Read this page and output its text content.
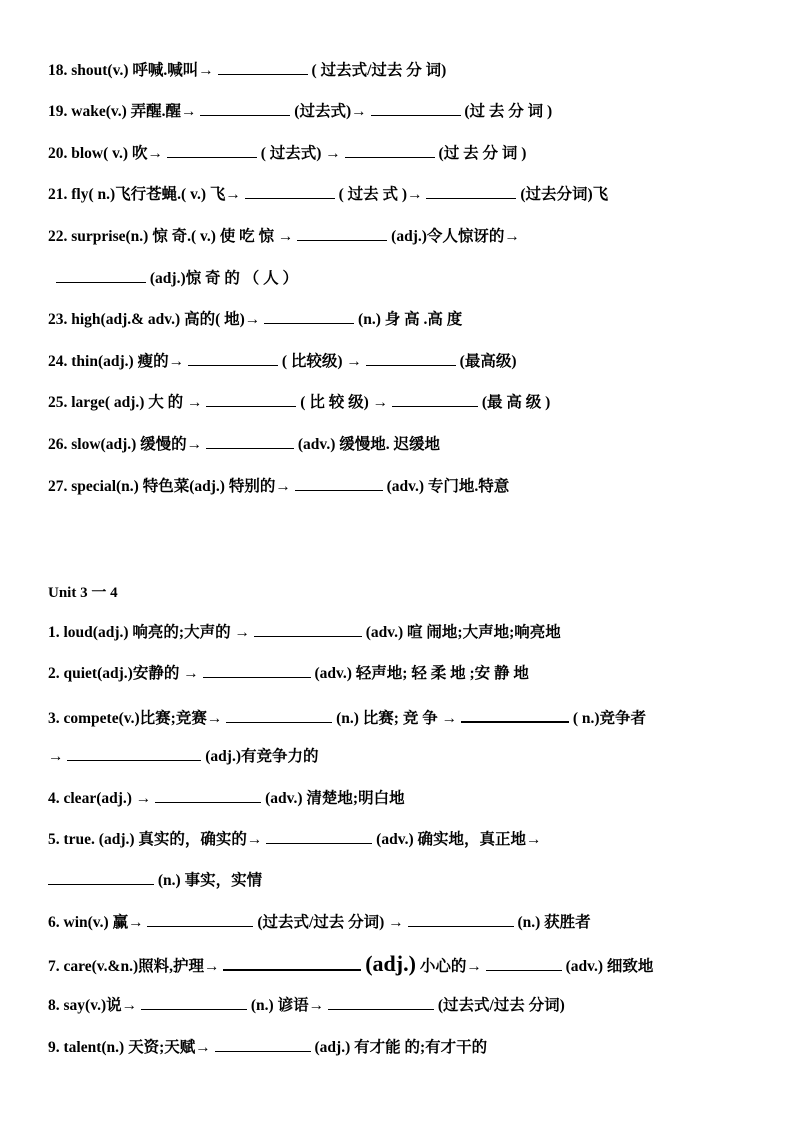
18. shout(v.) 呼喊.喊叫→	( 过去式/过去 分 词)
19. wake(v.) 弄醒.醒→	(过去式)→	(过 去 分 词 )
20. blow( v.) 吹→	( 过去式) →	(过 去 分 词 )
21. fly( n.)飞行苍蝇.( v.) 飞→	( 过去 式 )→	(过去分词)飞
22. surprise(n.) 惊 奇.( v.) 使 吃 惊 →	(adj.)令人惊讶的→
(adj.)惊 奇 的 （ 人 ）
23. high(adj.& adv.) 高的( 地)→	(n.) 身 高 .高 度
24. thin(adj.) 瘦的→	( 比较级) →	(最高级)
25. large( adj.) 大 的 →	( 比 较 级) →	(最 高 级 )
26. slow(adj.) 缓慢的→	(adv.) 缓慢地. 迟缓地
27. special(n.) 特色菜(adj.) 特别的→	(adv.) 专门地.特意
Unit 3 一 4
1. loud(adj.) 响亮的;大声的 →	(adv.) 喧 闹地;大声地;响亮地
2. quiet(adj.)安静的 →	(adv.) 轻声地; 轻 柔 地 ;安 静 地
3. compete(v.)比赛;竞赛→	(n.) 比赛; 竞 争 →	( n.)竞争者
→	(adj.)有竞争力的
4. clear(adj.) →	(adv.) 清楚地;明白地
5. true. (adj.) 真实的，确实的→	(adv.) 确实地，真正地→
(n.) 事实，实情
6. win(v.) 赢→	(过去式/过去 分词) →	(n.) 获胜者
7. care(v.&n.)照料,护理→	(adj.) 小心的→	(adv.) 细致地
8. say(v.)说→	(n.) 谚语→	(过去式/过去 分词)
9. talent(n.) 天资;天赋→	(adj.) 有才能 的;有才干的
